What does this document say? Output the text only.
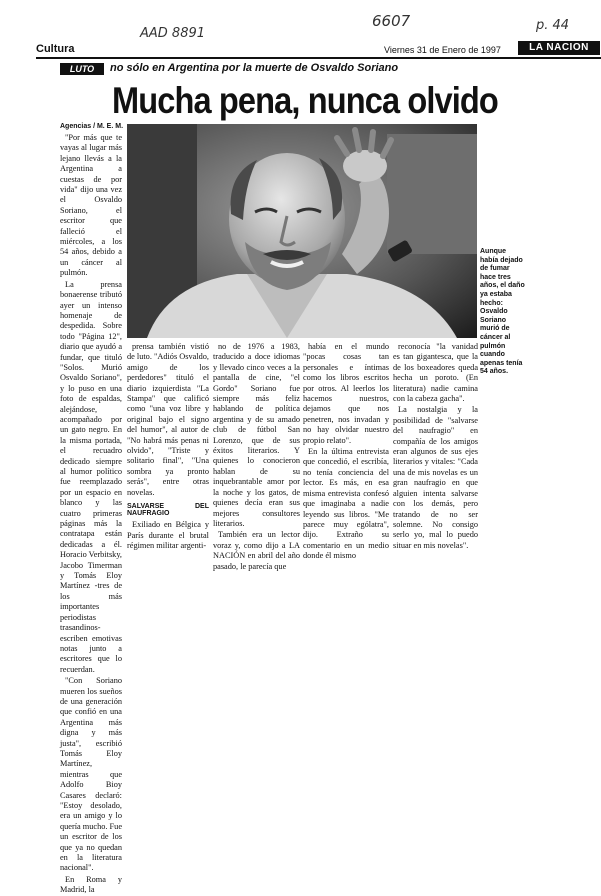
AAD 8891
6607	p. 44
Cultura	Viernes 31 de Enero de 1997	LA NACION
LUTO	no sólo en Argentina por la muerte de Osvaldo Soriano
Mucha pena, nunca olvido
Agencias / M. E. M.

"Por más que te vayas al lugar más lejano llevás a la Argentina a cuestas de por vida" dijo una vez el Osvaldo Soriano, el escritor que falleció el miércoles, a los 54 años, debido a un cáncer al pulmón.

La prensa bonaerense tributó ayer un intenso homenaje de despedida. Sobre todo "Página 12", diario que ayudó a fundar, que tituló "Solos. Murió Osvaldo Soriano", y lo puso en una foto de espaldas, alejándose, acompañado por un gato negro. En la misma portada, el recuadro dedicado siempre al humor político fue reemplazado por un espacio en blanco y las cuatro primeras páginas más la contratapa están dedicadas a él. Horacio Verbitsky, Jacobo Timerman y Tomás Eloy Martínez -tres de los más importantes periodistas trasandinos- escriben emotivas notas junto a escritores que lo recuerdan.

"Con Soriano mueren los sueños de una generación que confió en una Argentina más digna y más justa", escribió Tomás Eloy Martínez, mientras que Adolfo Bioy Casares declaró: "Estoy desolado, era un amigo y lo quería mucho. Fue un escritor de los que ya no quedan en la literatura nacional".

En Roma y Madrid, la

Aunque había dejado de fumar hace tres años, el daño ya estaba hecho: Osvaldo Soriano murió de cáncer al pulmón cuando apenas tenía 54 años.

prensa también vistió de luto. "Adiós Osvaldo, amigo de los perdedores" tituló el diario izquierdista "La Stampa" que calificó como "una voz libre y original bajo el signo del humor", al autor de "No habrá más penas ni olvido", "Triste y solitario final", "Una sombra ya pronto serás", entre otras novelas.

SALVARSE DEL NAUFRAGIO

Exiliado en Bélgica y París durante el brutal régimen militar argenti-

no de 1976 a 1983, traducido a doce idiomas y llevado cinco veces a la pantalla de cine, "el Gordo" Soriano fue siempre más feliz hablando de política argentina y de su amado club de fútbol San Lorenzo, que de sus éxitos literarios. Y quienes lo conocieron hablan de su inquebrantable amor por la noche y los gatos, de quienes decía eran sus mejores consultores literarios.

También era un lector voraz y, como dijo a LA NACIÓN en abril del año pasado, le parecía que

había en el mundo "pocas cosas tan personales e íntimas como los libros escritos por otros. Al leerlos los hacemos nuestros, dejamos que nos penetren, nos invadan y no hay olvidar nuestro propio relato".

En la última entrevista que concedió, el escribía, no tenía conciencia del lector. Es más, en esa misma entrevista confesó que imaginaba a nadie leyendo sus libros. "Me parece muy ególatra", dijo. Extraño su comentario en un medio donde él mismo

reconocía "la vanidad es tan gigantesca, que la de los boxeadores queda hecha un poroto. (En literatura) nadie camina con la cabeza gacha".

La nostalgia y la posibilidad de "salvarse del naufragio" en compañía de los amigos eran algunos de sus ejes literarios y vitales: "Cada una de mis novelas es un gran naufragio en que alguien intenta salvarse con los demás, pero tratando de no ser solemne. No consigo serlo yo, mal lo puedo situar en mis novelas".
